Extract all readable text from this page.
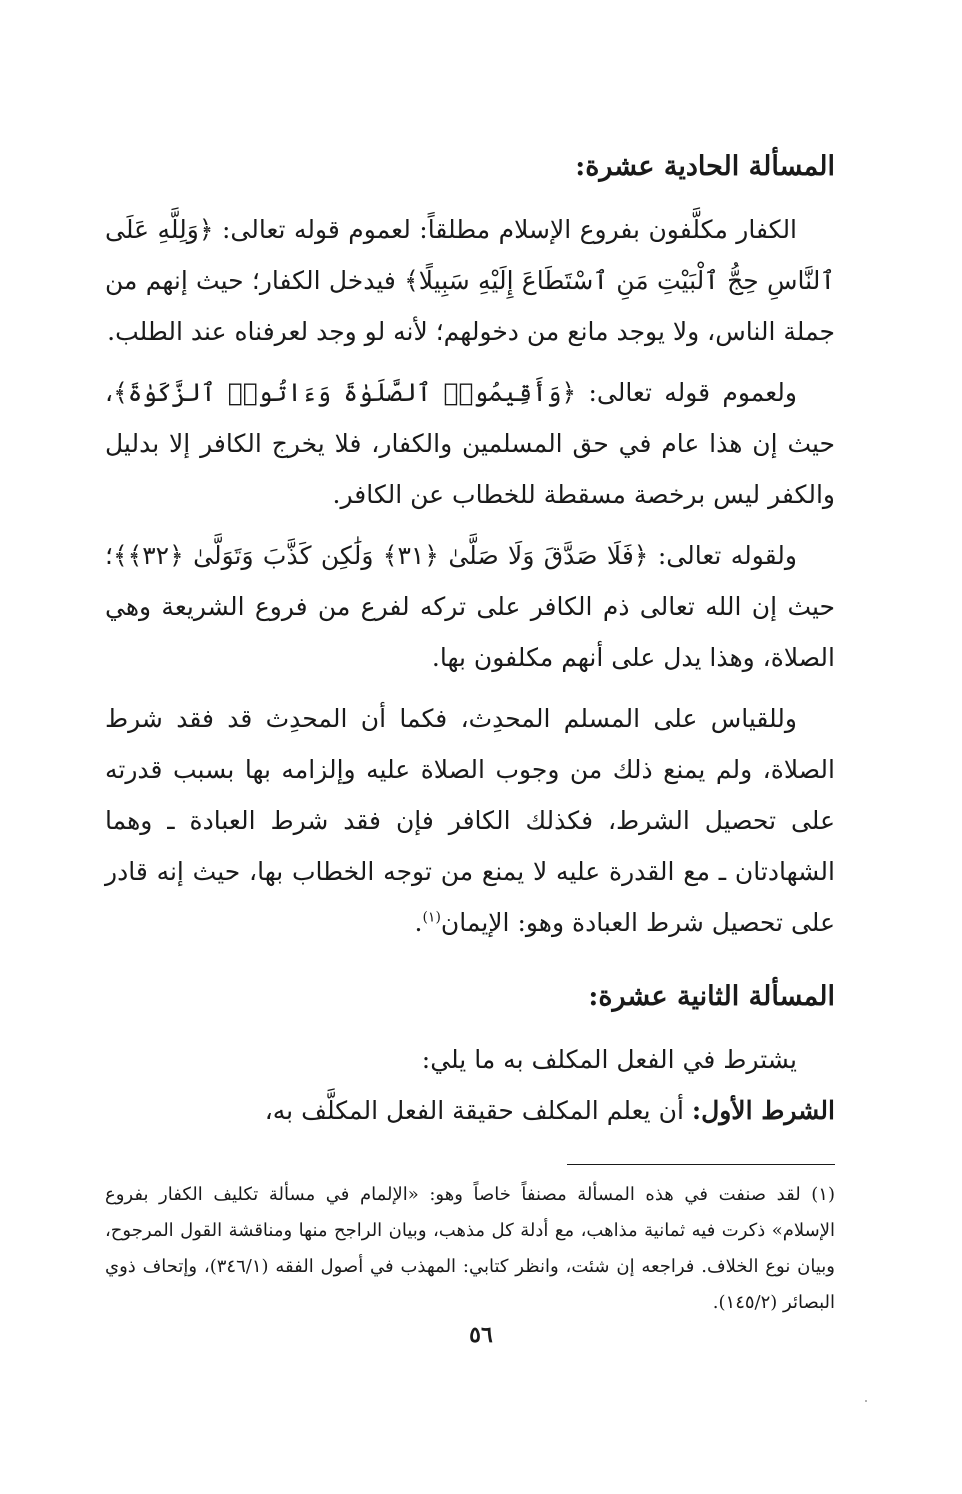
المسألة الحادية عشرة:

الكفار مكلَّفون بفروع الإسلام مطلقاً: لعموم قوله تعالى: ﴿وَلِلَّهِ عَلَى ٱلنَّاسِ حِجُّ ٱلْبَيْتِ مَنِ ٱسْتَطَاعَ إِلَيْهِ سَبِيلًا﴾ فيدخل الكفار؛ حيث إنهم من جملة الناس، ولا يوجد مانع من دخولهم؛ لأنه لو وجد لعرفناه عند الطلب.

ولعموم قوله تعالى: ﴿وَأَقِيمُوا۟ ٱلصَّلَوٰةَ وَءَاتُوا۟ ٱلزَّكَوٰةَ﴾، حيث إن هذا عام في حق المسلمين والكفار، فلا يخرج الكافر إلا بدليل والكفر ليس برخصة مسقطة للخطاب عن الكافر.

ولقوله تعالى: ﴿فَلَا صَدَّقَ وَلَا صَلَّىٰ ﴿٣١﴾ وَلَٰكِن كَذَّبَ وَتَوَلَّىٰ ﴿٣٢﴾﴾؛ حيث إن الله تعالى ذم الكافر على تركه لفرع من فروع الشريعة وهي الصلاة، وهذا يدل على أنهم مكلفون بها.

وللقياس على المسلم المحدِث، فكما أن المحدِث قد فقد شرط الصلاة، ولم يمنع ذلك من وجوب الصلاة عليه وإلزامه بها بسبب قدرته على تحصيل الشرط، فكذلك الكافر فإن فقد شرط العبادة ـ وهما الشهادتان ـ مع القدرة عليه لا يمنع من توجه الخطاب بها، حيث إنه قادر على تحصيل شرط العبادة وهو: الإيمان$^{(١)}$.

المسألة الثانية عشرة:

يشترط في الفعل المكلف به ما يلي:

الشرط الأول: أن يعلم المكلف حقيقة الفعل المكلَّف به،

(١) لقد صنفت في هذه المسألة مصنفاً خاصاً وهو: «الإلمام في مسألة تكليف الكفار بفروع الإسلام» ذكرت فيه ثمانية مذاهب، مع أدلة كل مذهب، وبيان الراجح منها ومناقشة القول المرجوح، وبيان نوع الخلاف. فراجعه إن شئت، وانظر كتابي: المهذب في أصول الفقه (٣٤٦/١)، وإتحاف ذوي البصائر (١٤٥/٢).

٥٦
